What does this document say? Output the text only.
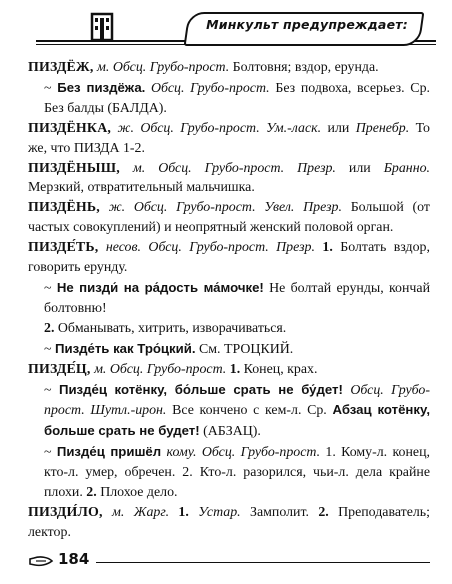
Минкульт предупреждает:

ПИЗДЁЖ, м. Обсц. Грубо-прост. Болтовня; вздор, ерунда.

~ Без пиздёжа. Обсц. Грубо-прост. Без подвоха, всерьез. Ср. Без балды (БАЛДА).

ПИЗДЁНКА, ж. Обсц. Грубо-прост. Ум.-ласк. или Пренебр. То же, что ПИЗДА 1-2.

ПИЗДЁНЫШ, м. Обсц. Грубо-прост. Презр. или Бранно. Мерзкий, отвратительный мальчишка.

ПИЗДЁНЬ, ж. Обсц. Грубо-прост. Увел. Презр. Большой (от частых совокуплений) и неопрятный женский половой орган.

ПИЗДЕ́ТЬ, несов. Обсц. Грубо-прост. Презр. 1. Болтать вздор, говорить ерунду.

~ Не пизди́ на ра́дость ма́мочке! Не болтай ерунды, кончай болтовню!

2. Обманывать, хитрить, изворачиваться.

~ Пизде́ть как Тро́цкий. См. ТРОЦКИЙ.

ПИЗДЕ́Ц, м. Обсц. Грубо-прост. 1. Конец, крах.

~ Пизде́ц котёнку, бо́льше срать не бу́дет! Обсц. Грубо-прост. Шутл.-ирон. Все кончено с кем-л. Ср. Абзац котёнку, больше срать не будет! (АБЗАЦ).

~ Пизде́ц пришёл кому. Обсц. Грубо-прост. 1. Кому-л. конец, кто-л. умер, обречен. 2. Кто-л. разорился, чьи-л. дела крайне плохи. 2. Плохое дело.

ПИЗДИ́ЛО, м. Жарг. 1. Устар. Замполит. 2. Преподаватель; лектор.

184
